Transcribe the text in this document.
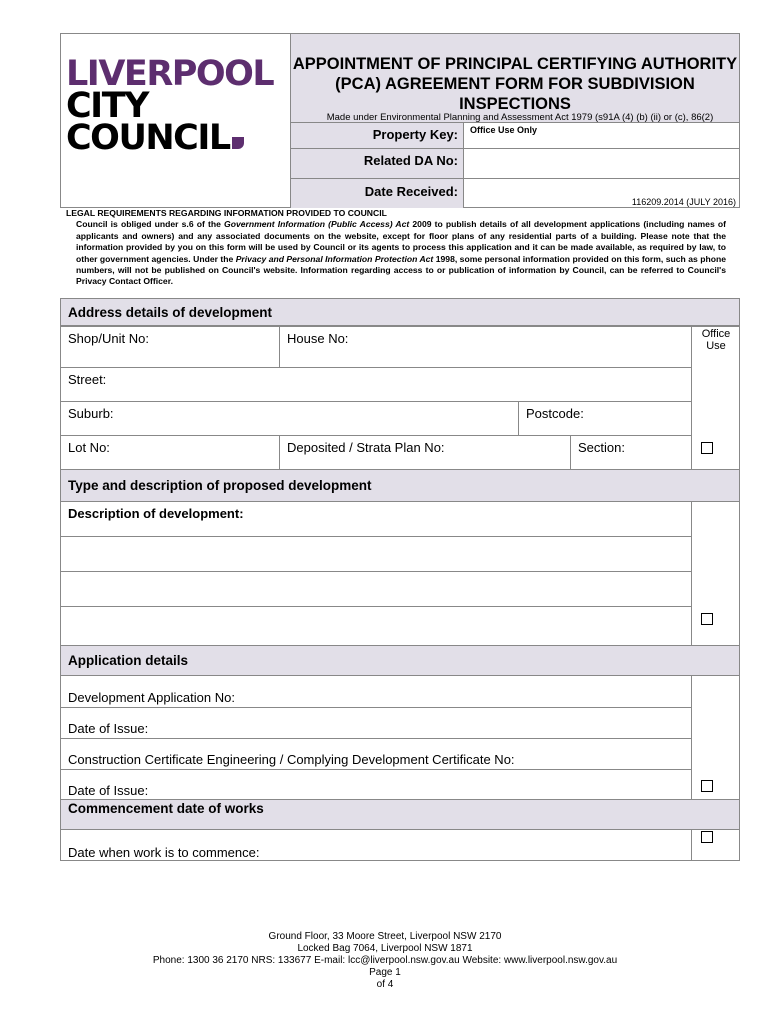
LIVERPOOL
CITY
COUNCIL
APPOINTMENT OF PRINCIPAL CERTIFYING AUTHORITY (PCA) AGREEMENT FORM FOR SUBDIVISION INSPECTIONS
Made under Environmental Planning and Assessment Act 1979 (s91A (4) (b) (ii) or (c), 86(2)
Property Key: Office Use Only
Related DA No:
Date Received:
116209.2014 (JULY 2016)
LEGAL REQUIREMENTS REGARDING INFORMATION PROVIDED TO COUNCIL
Council is obliged under s.6 of the Government Information (Public Access) Act 2009 to publish details of all development applications (including names of applicants and owners) and any associated documents on the website, except for floor plans of any residential parts of a building. Please note that the information provided by you on this form will be used by Council or its agents to process this application and it can be made available, as required by law, to other government agencies. Under the Privacy and Personal Information Protection Act 1998, some personal information provided on this form, such as phone numbers, will not be published on Council's website. Information regarding access to or publication of information by Council, can be referred to Council's Privacy Contact Officer.
Address details of development
Shop/Unit No:	House No:	Office Use
Street:
Suburb:	Postcode:
Lot No:	Deposited / Strata Plan No:	Section:
Type and description of proposed development
Description of development:
Application details
Development Application No:
Date of Issue:
Construction Certificate Engineering / Complying Development Certificate No:
Date of Issue:
Commencement date of works
Date when work is to commence:
Ground Floor, 33 Moore Street, Liverpool NSW 2170
Locked Bag 7064, Liverpool NSW 1871
Phone: 1300 36 2170 NRS: 133677 E-mail: lcc@liverpool.nsw.gov.au Website: www.liverpool.nsw.gov.au
Page 1
of 4
